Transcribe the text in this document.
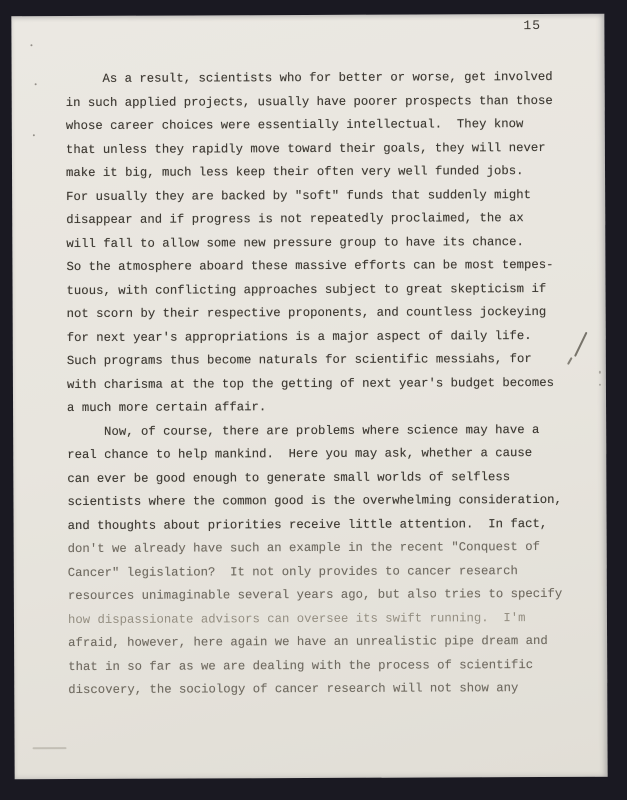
15
As a result, scientists who for better or worse, get involved
in such applied projects, usually have poorer prospects than those
whose career choices were essentially intellectual.  They know
that unless they rapidly move toward their goals, they will never
make it big, much less keep their often very well funded jobs.
For usually they are backed by "soft" funds that suddenly might
disappear and if progress is not repeatedly proclaimed, the ax
will fall to allow some new pressure group to have its chance.
So the atmosphere aboard these massive efforts can be most tempes-
tuous, with conflicting approaches subject to great skepticism if
not scorn by their respective proponents, and countless jockeying
for next year's appropriations is a major aspect of daily life.
Such programs thus become naturals for scientific messiahs, for
with charisma at the top the getting of next year's budget becomes
a much more certain affair.
Now, of course, there are problems where science may have a
real chance to help mankind.  Here you may ask, whether a cause
can ever be good enough to generate small worlds of selfless
scientists where the common good is the overwhelming consideration,
and thoughts about priorities receive little attention.  In fact,
don't we already have such an example in the recent "Conquest of
Cancer" legislation?  It not only provides to cancer research
resources unimaginable several years ago, but also tries to specify
how dispassionate advisors can oversee its swift running.  I'm
afraid, however, here again we have an unrealistic pipe dream and
that in so far as we are dealing with the process of scientific
discovery, the sociology of cancer research will not show any
